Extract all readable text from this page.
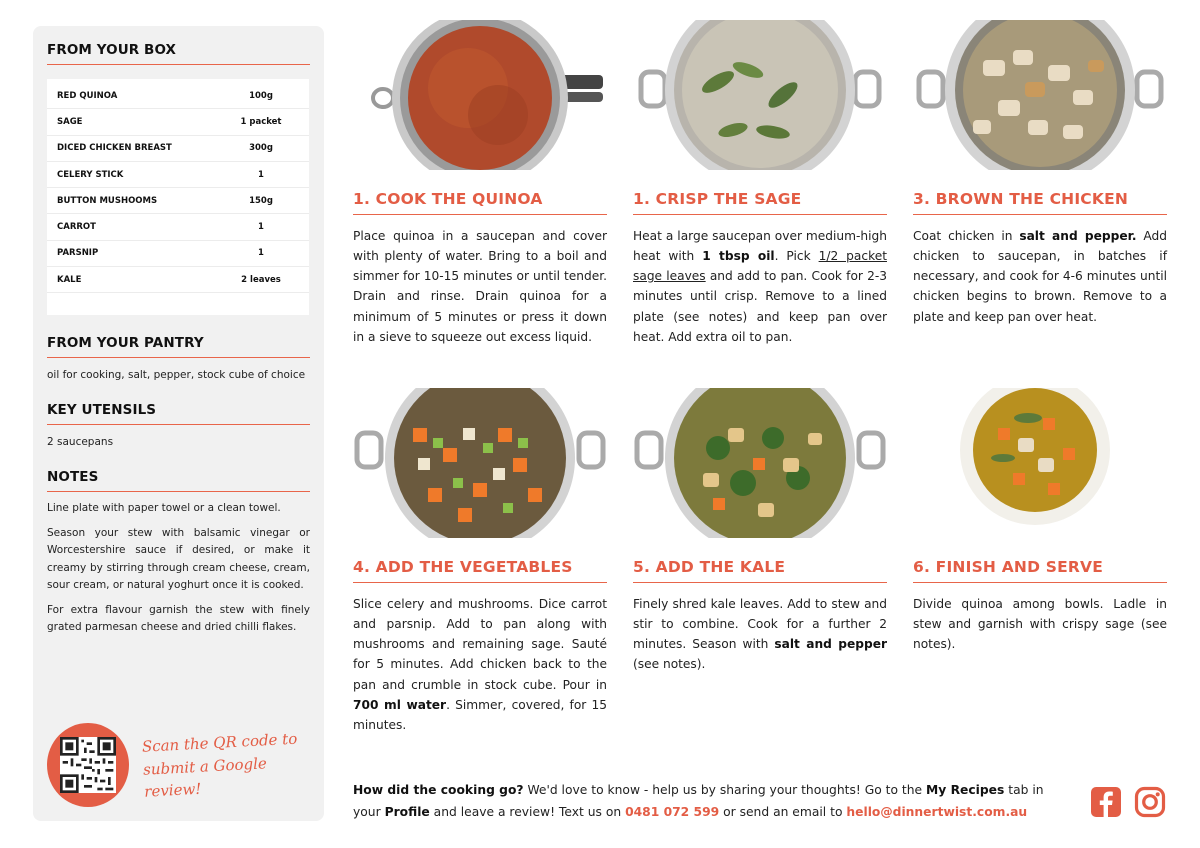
FROM YOUR BOX
RED QUINOA	100g
SAGE	1 packet
DICED CHICKEN BREAST	300g
CELERY STICK	1
BUTTON MUSHOOMS	150g
CARROT	1
PARSNIP	1
KALE	2 leaves
FROM YOUR PANTRY
oil for cooking, salt, pepper, stock cube of choice
KEY UTENSILS
2 saucepans
NOTES

Line plate with paper towel or a clean towel.

Season your stew with balsamic vinegar or Worcestershire sauce if desired, or make it creamy by stirring through cream cheese, cream, sour cream, or natural yoghurt once it is cooked.

For extra flavour garnish the stew with finely grated parmesan cheese and dried chilli flakes.

Scan the QR code to
submit a Google review!
1. COOK THE QUINOA
Place quinoa in a saucepan and cover with plenty of water. Bring to a boil and simmer for 10-15 minutes or until tender. Drain and rinse. Drain quinoa for a minimum of 5 minutes or press it down in a sieve to squeeze out excess liquid.
1. CRISP THE SAGE
Heat a large saucepan over medium-high heat with 1 tbsp oil. Pick 1/2 packet sage leaves and add to pan. Cook for 2-3 minutes until crisp. Remove to a lined plate (see notes) and keep pan over heat. Add extra oil to pan.
3. BROWN THE CHICKEN
Coat chicken in salt and pepper. Add chicken to saucepan, in batches if necessary, and cook for 4-6 minutes until chicken begins to brown. Remove to a plate and keep pan over heat.
4. ADD THE VEGETABLES
Slice celery and mushrooms. Dice carrot and parsnip. Add to pan along with mushrooms and remaining sage. Sauté for 5 minutes. Add chicken back to the pan and crumble in stock cube. Pour in 700 ml water. Simmer, covered, for 15 minutes.
5. ADD THE KALE
Finely shred kale leaves. Add to stew and stir to combine. Cook for a further 2 minutes. Season with salt and pepper (see notes).
6. FINISH AND SERVE
Divide quinoa among bowls. Ladle in stew and garnish with crispy sage (see notes).
How did the cooking go? We'd love to know - help us by sharing your thoughts! Go to the My Recipes tab in your Profile and leave a review! Text us on 0481 072 599 or send an email to hello@dinnertwist.com.au
